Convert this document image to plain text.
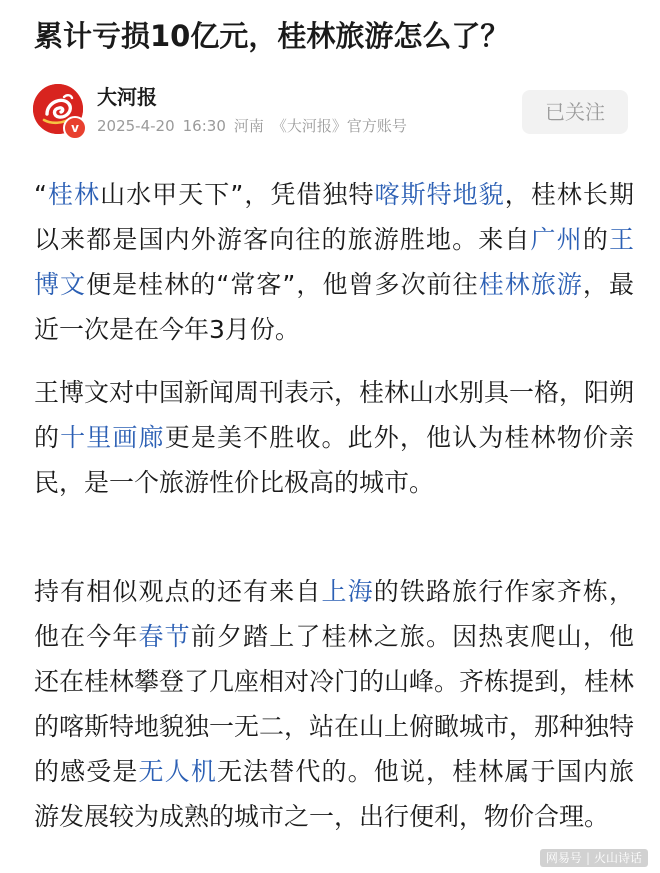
累计亏损10亿元，桂林旅游怎么了？
v
大河报
2025-4-20 16:30 河南 《大河报》官方账号
已关注

“桂林山水甲天下”，凭借独特喀斯特地貌，桂林长期以来都是国内外游客向往的旅游胜地。来自广州的王博文便是桂林的“常客”，他曾多次前往桂林旅游，最近一次是在今年3月份。

王博文对中国新闻周刊表示，桂林山水别具一格，阳朔的十里画廊更是美不胜收。此外，他认为桂林物价亲民，是一个旅游性价比极高的城市。

持有相似观点的还有来自上海的铁路旅行作家齐栋，他在今年春节前夕踏上了桂林之旅。因热衷爬山，他还在桂林攀登了几座相对冷门的山峰。齐栋提到，桂林的喀斯特地貌独一无二，站在山上俯瞰城市，那种独特的感受是无人机无法替代的。他说，桂林属于国内旅游发展较为成熟的城市之一，出行便利，物价合理。

网易号 | 火山诗话
